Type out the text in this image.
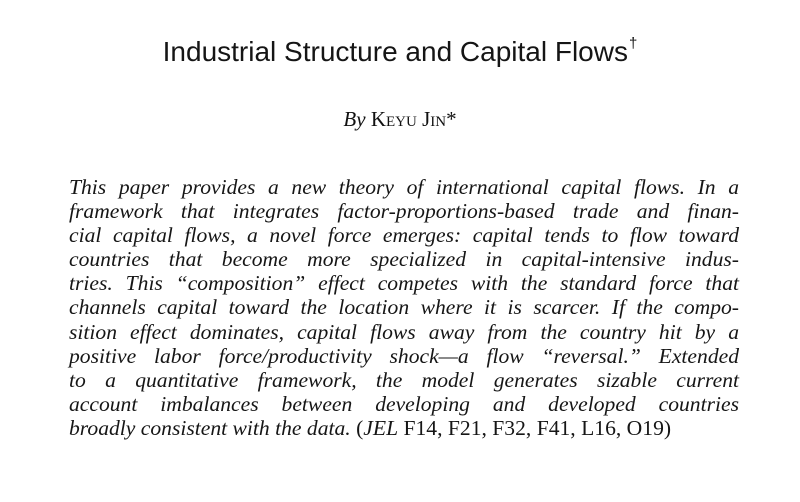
Industrial Structure and Capital Flows†
By Keyu Jin*
This paper provides a new theory of international capital flows. In a
framework that integrates factor-proportions-based trade and finan-
cial capital flows, a novel force emerges: capital tends to flow toward
countries that become more specialized in capital-intensive indus-
tries. This “composition” effect competes with the standard force that
channels capital toward the location where it is scarcer. If the compo-
sition effect dominates, capital flows away from the country hit by a
positive labor force/productivity shock—a flow “reversal.” Extended
to a quantitative framework, the model generates sizable current
account imbalances between developing and developed countries
broadly consistent with the data. (JEL F14, F21, F32, F41, L16, O19)
